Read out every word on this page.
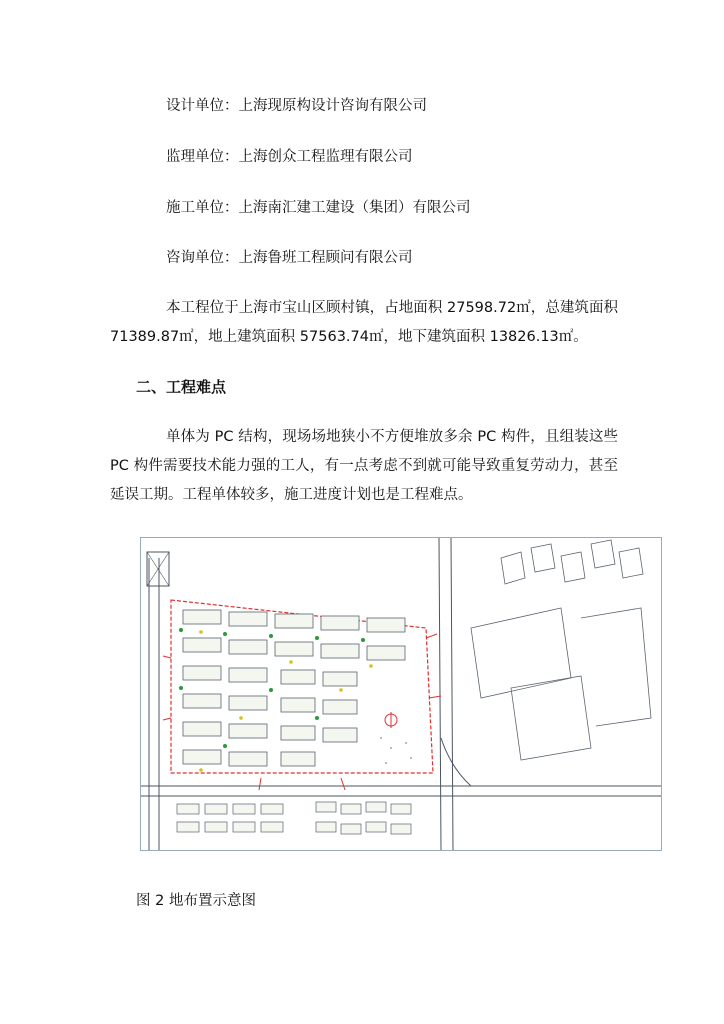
设计单位：上海现原构设计咨询有限公司
监理单位：上海创众工程监理有限公司
施工单位：上海南汇建工建设（集团）有限公司
咨询单位：上海鲁班工程顾问有限公司
本工程位于上海市宝山区顾村镇，占地面积 27598.72㎡，总建筑面积 71389.87㎡，地上建筑面积 57563.74㎡，地下建筑面积 13826.13㎡。
二、工程难点
单体为 PC 结构，现场场地狭小不方便堆放多余 PC 构件，且组装这些 PC 构件需要技术能力强的工人，有一点考虑不到就可能导致重复劳动力，甚至延误工期。工程单体较多，施工进度计划也是工程难点。
图 2 地布置示意图
